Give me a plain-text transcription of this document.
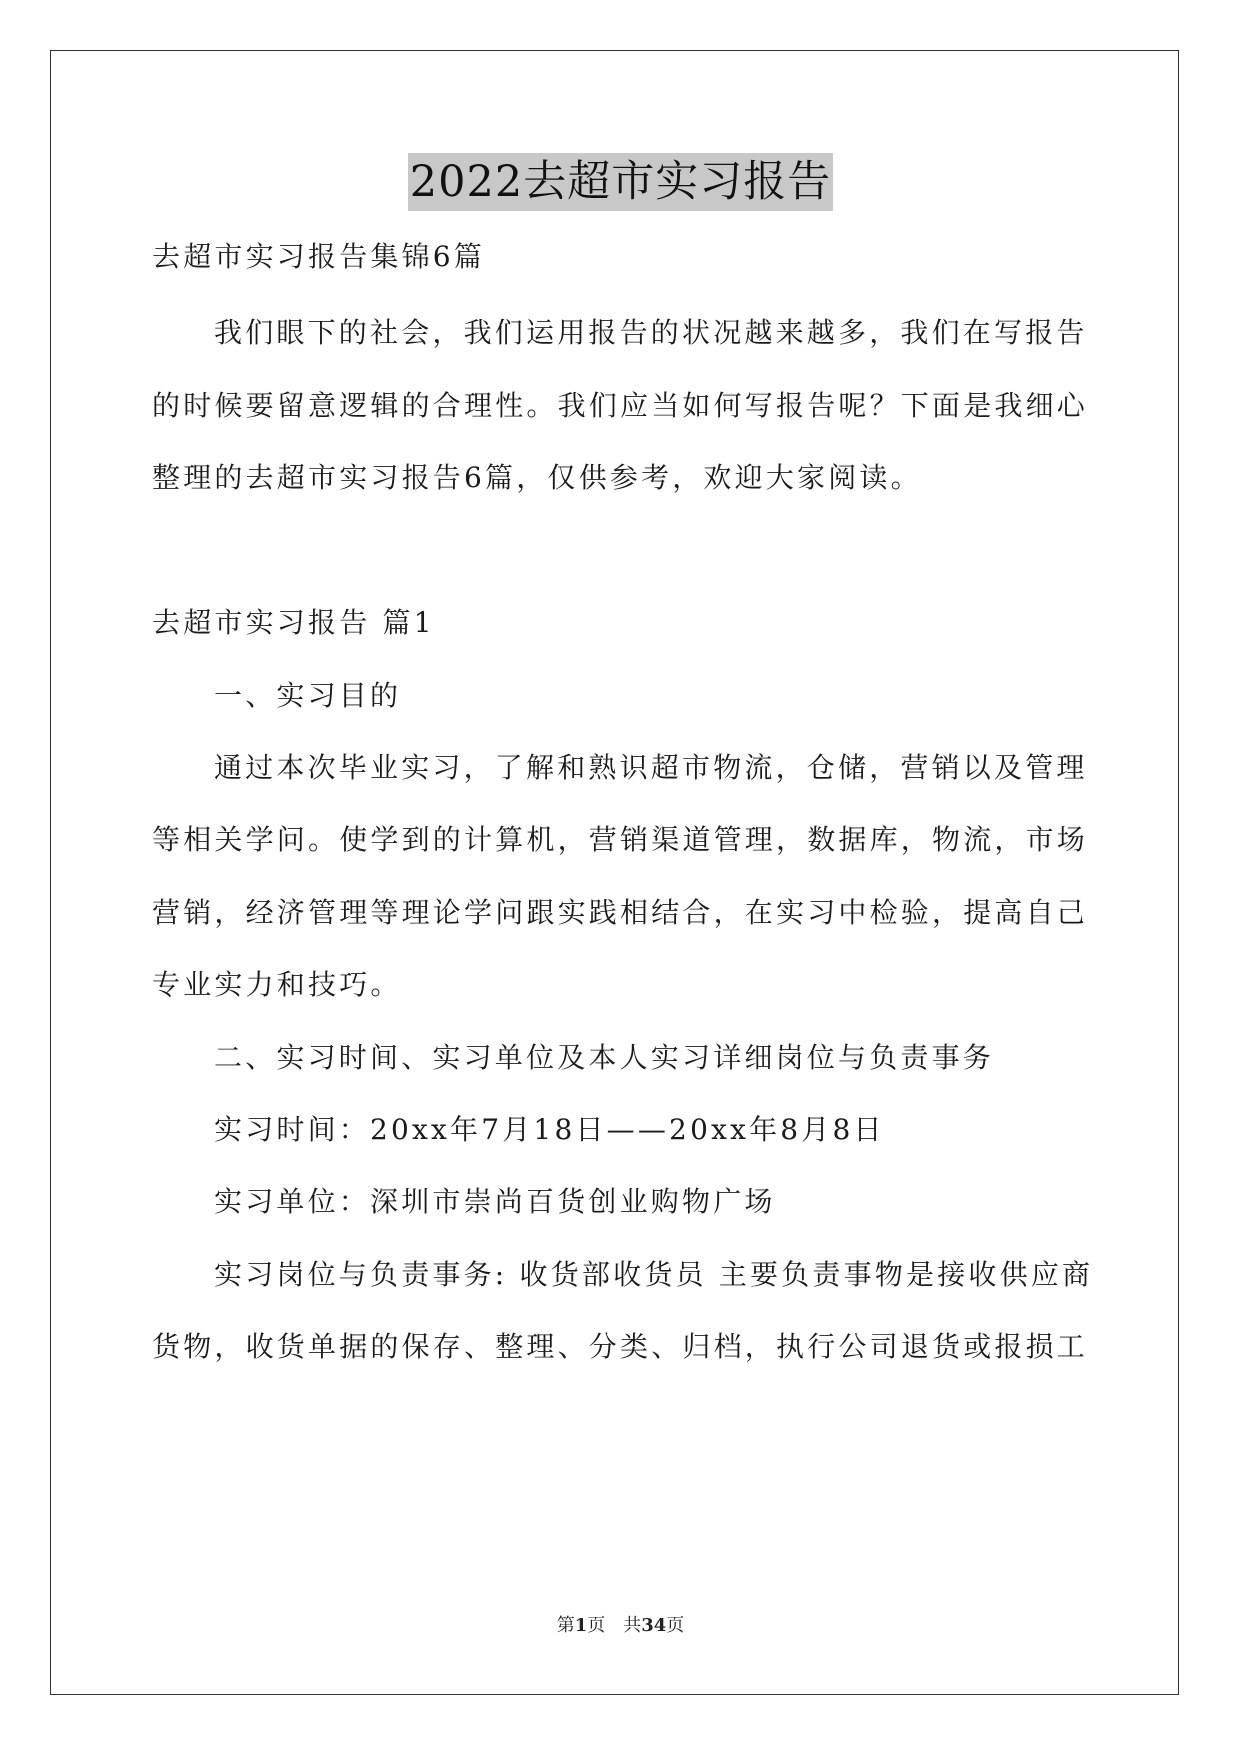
2022去超市实习报告
去超市实习报告集锦6篇
我们眼下的社会，我们运用报告的状况越来越多，我们在写报告
的时候要留意逻辑的合理性。我们应当如何写报告呢？下面是我细心
整理的去超市实习报告6篇，仅供参考，欢迎大家阅读。
去超市实习报告 篇1
一、实习目的
通过本次毕业实习，了解和熟识超市物流，仓储，营销以及管理
等相关学问。使学到的计算机，营销渠道管理，数据库，物流，市场
营销，经济管理等理论学问跟实践相结合，在实习中检验，提高自己
专业实力和技巧。
二、实习时间、实习单位及本人实习详细岗位与负责事务
实习时间：20xx年7月18日——20xx年8月8日
实习单位：深圳市崇尚百货创业购物广场
实习岗位与负责事务: 收货部收货员 主要负责事物是接收供应商
货物，收货单据的保存、整理、分类、归档，执行公司退货或报损工
第1页　共34页
